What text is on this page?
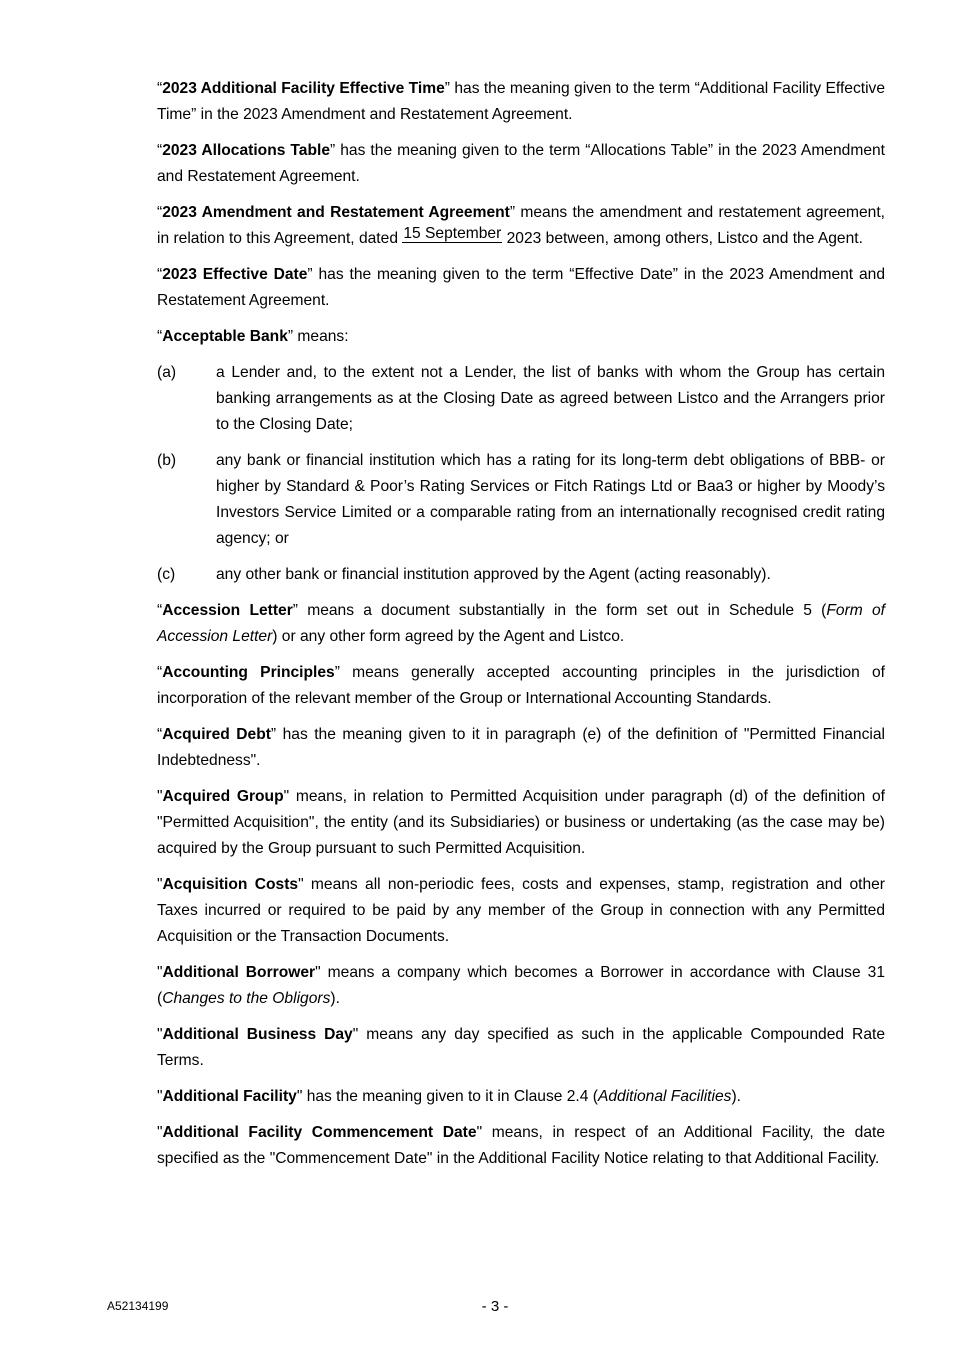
“2023 Additional Facility Effective Time” has the meaning given to the term “Additional Facility Effective Time” in the 2023 Amendment and Restatement Agreement.

“2023 Allocations Table” has the meaning given to the term “Allocations Table” in the 2023 Amendment and Restatement Agreement.

“2023 Amendment and Restatement Agreement” means the amendment and restatement agreement, in relation to this Agreement, dated 15 September 2023 between, among others, Listco and the Agent.

“2023 Effective Date” has the meaning given to the term “Effective Date” in the 2023 Amendment and Restatement Agreement.

“Acceptable Bank” means:

(a)	a Lender and, to the extent not a Lender, the list of banks with whom the Group has certain banking arrangements as at the Closing Date as agreed between Listco and the Arrangers prior to the Closing Date;
(b)	any bank or financial institution which has a rating for its long-term debt obligations of BBB- or higher by Standard & Poor’s Rating Services or Fitch Ratings Ltd or Baa3 or higher by Moody’s Investors Service Limited or a comparable rating from an internationally recognised credit rating agency; or
(c)	any other bank or financial institution approved by the Agent (acting reasonably).

“Accession Letter” means a document substantially in the form set out in Schedule 5 (Form of Accession Letter) or any other form agreed by the Agent and Listco.

“Accounting Principles” means generally accepted accounting principles in the jurisdiction of incorporation of the relevant member of the Group or International Accounting Standards.

“Acquired Debt” has the meaning given to it in paragraph (e) of the definition of "Permitted Financial Indebtedness".

"Acquired Group" means, in relation to Permitted Acquisition under paragraph (d) of the definition of "Permitted Acquisition", the entity (and its Subsidiaries) or business or undertaking (as the case may be) acquired by the Group pursuant to such Permitted Acquisition.

"Acquisition Costs" means all non-periodic fees, costs and expenses, stamp, registration and other Taxes incurred or required to be paid by any member of the Group in connection with any Permitted Acquisition or the Transaction Documents.

"Additional Borrower" means a company which becomes a Borrower in accordance with Clause 31 (Changes to the Obligors).

"Additional Business Day" means any day specified as such in the applicable Compounded Rate Terms.

"Additional Facility" has the meaning given to it in Clause 2.4 (Additional Facilities).

"Additional Facility Commencement Date" means, in respect of an Additional Facility, the date specified as the "Commencement Date" in the Additional Facility Notice relating to that Additional Facility.

A52134199	- 3 -
